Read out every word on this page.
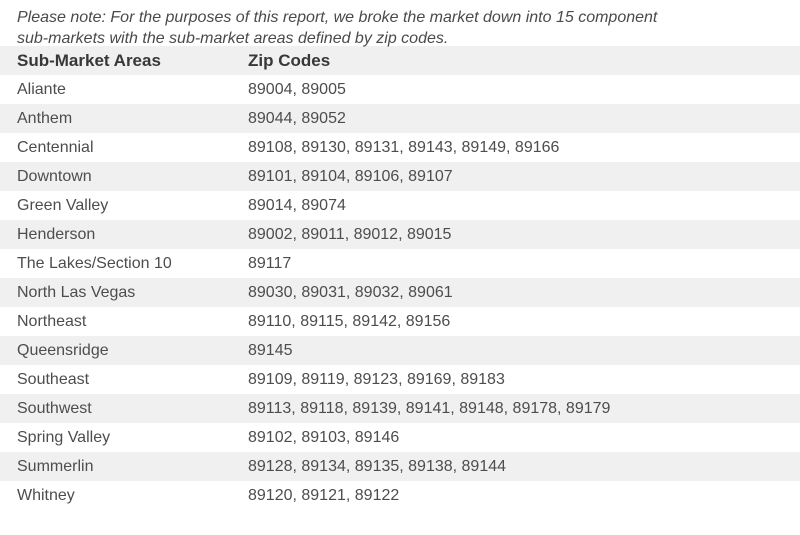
Please note: For the purposes of this report, we broke the market down into 15 component
sub-markets with the sub-market areas defined by zip codes.

Sub-Market Areas	Zip Codes
Aliante	89004, 89005
Anthem	89044, 89052
Centennial	89108, 89130, 89131, 89143, 89149, 89166
Downtown	89101, 89104, 89106, 89107
Green Valley	89014, 89074
Henderson	89002, 89011, 89012, 89015
The Lakes/Section 10	89117
North Las Vegas	89030, 89031, 89032, 89061
Northeast	89110, 89115, 89142, 89156
Queensridge	89145
Southeast	89109, 89119, 89123, 89169, 89183
Southwest	89113, 89118, 89139, 89141, 89148, 89178, 89179
Spring Valley	89102, 89103, 89146
Summerlin	89128, 89134, 89135, 89138, 89144
Whitney	89120, 89121, 89122
